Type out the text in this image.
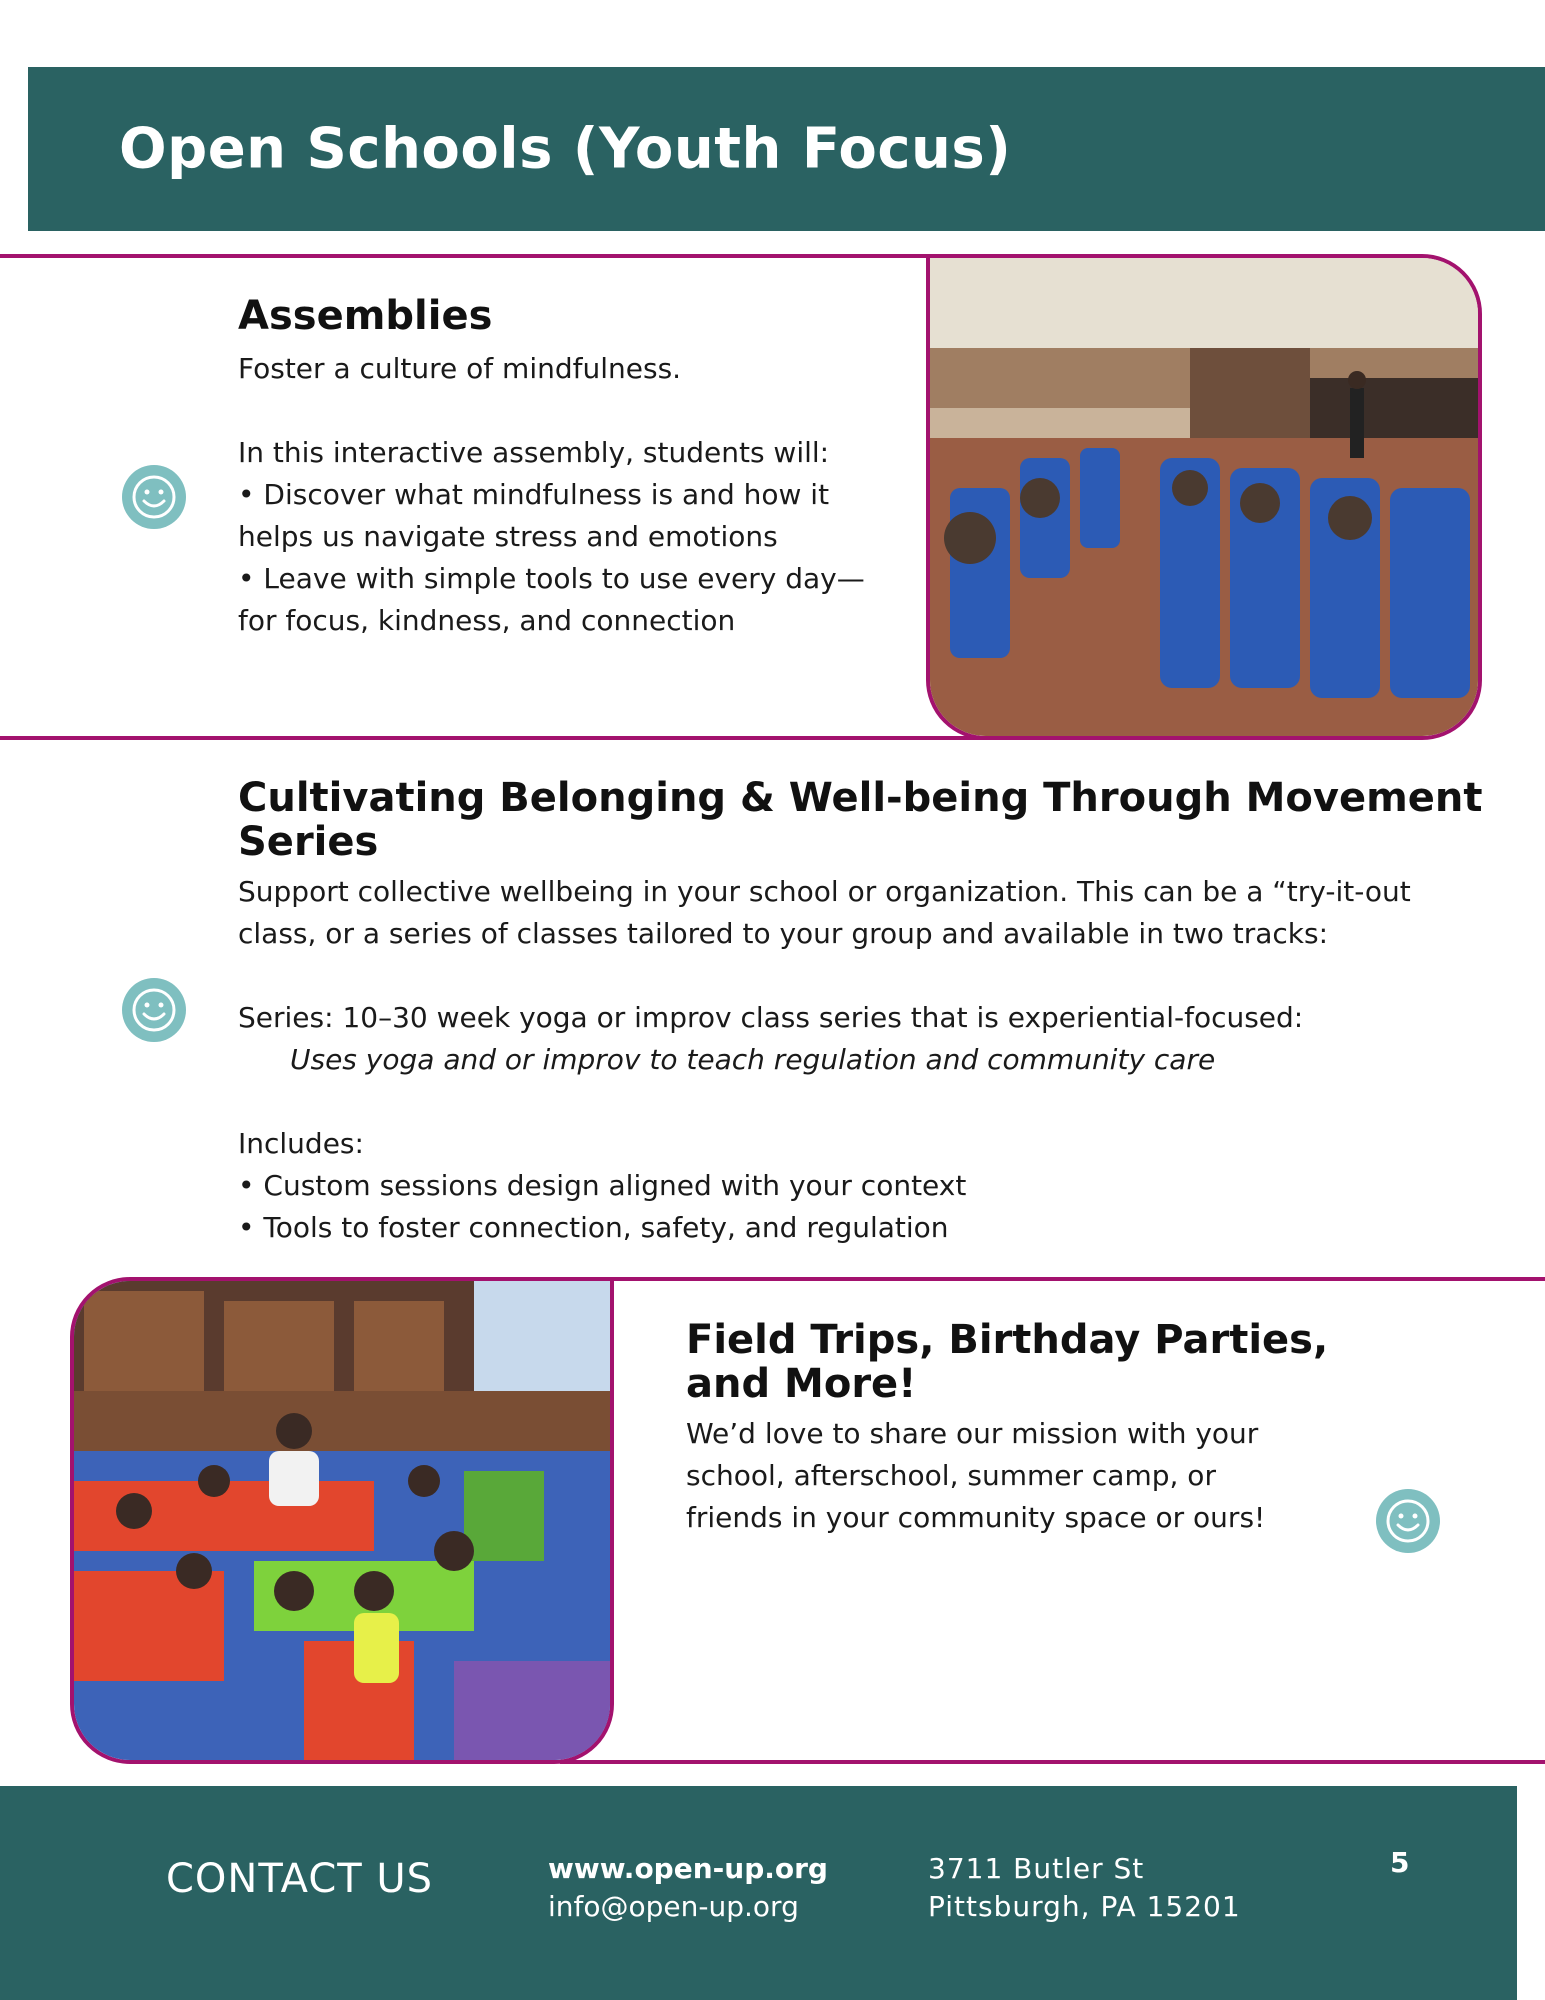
Open Schools (Youth Focus)
Assemblies

Foster a culture of mindfulness.

In this interactive assembly, students will:

• Discover what mindfulness is and how it

helps us navigate stress and emotions

• Leave with simple tools to use every day—

for focus, kindness, and connection

Cultivating Belonging & Well-being Through Movement
Series

Support collective wellbeing in your school or organization. This can be a “try-it-out

class, or a series of classes tailored to your group and available in two tracks:

Series: 10–30 week yoga or improv class series that is experiential-focused:

Uses yoga and or improv to teach regulation and community care

Includes:

• Custom sessions design aligned with your context

• Tools to foster connection, safety, and regulation

Field Trips, Birthday Parties,
and More!

We’d love to share our mission with your

school, afterschool, summer camp, or

friends in your community space or ours!

CONTACT US	www.open-up.org
info@open-up.org
3711 Butler St
Pittsburgh, PA 15201
5
